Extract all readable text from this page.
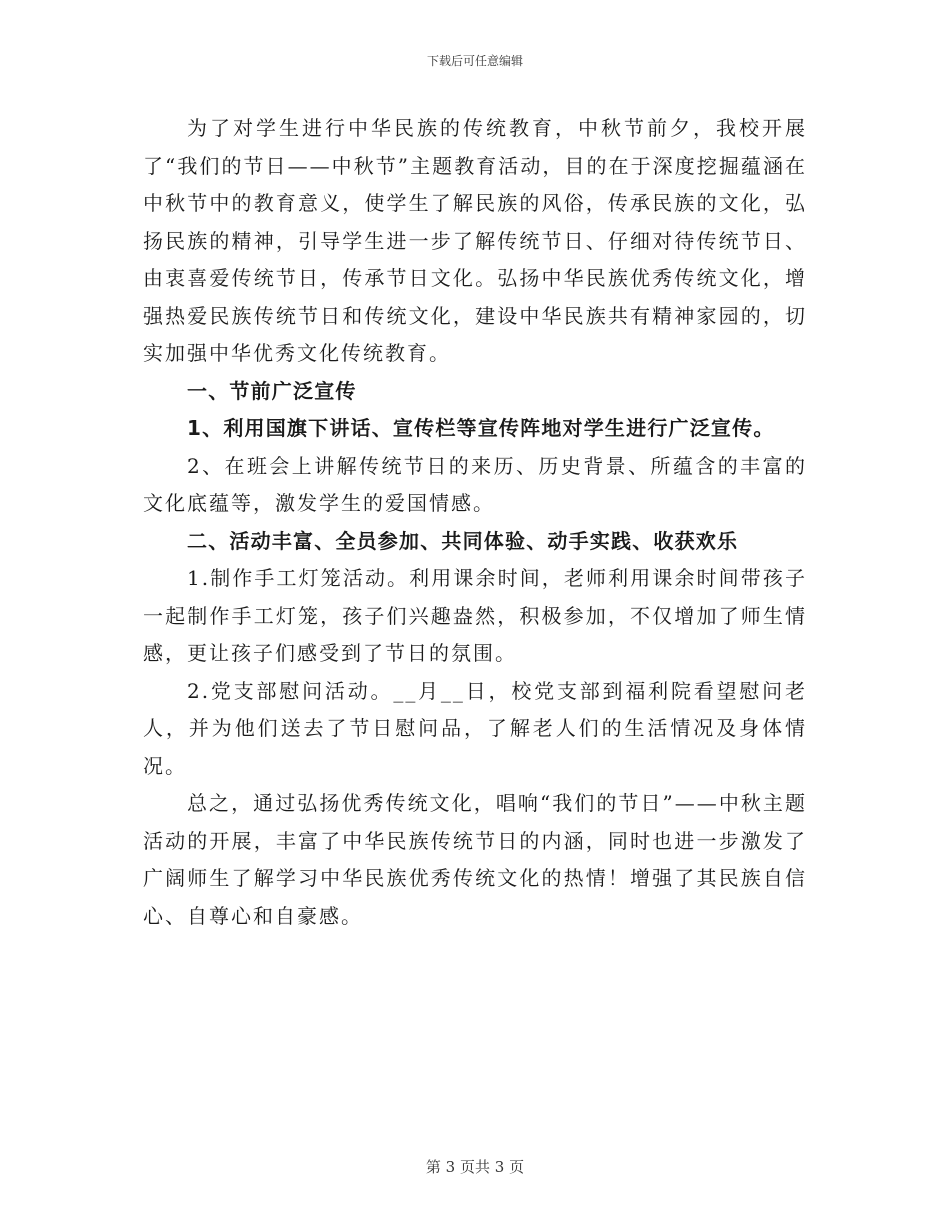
下载后可任意编辑

为了对学生进行中华民族的传统教育，中秋节前夕，我校开展了“我们的节日——中秋节”主题教育活动，目的在于深度挖掘蕴涵在中秋节中的教育意义，使学生了解民族的风俗，传承民族的文化，弘扬民族的精神，引导学生进一步了解传统节日、仔细对待传统节日、由衷喜爱传统节日，传承节日文化。弘扬中华民族优秀传统文化，增强热爱民族传统节日和传统文化，建设中华民族共有精神家园的，切实加强中华优秀文化传统教育。

一、节前广泛宣传

1、利用国旗下讲话、宣传栏等宣传阵地对学生进行广泛宣传。

2、在班会上讲解传统节日的来历、历史背景、所蕴含的丰富的文化底蕴等，激发学生的爱国情感。

二、活动丰富、全员参加、共同体验、动手实践、收获欢乐

1.制作手工灯笼活动。利用课余时间，老师利用课余时间带孩子一起制作手工灯笼，孩子们兴趣盎然，积极参加，不仅增加了师生情感，更让孩子们感受到了节日的氛围。

2.党支部慰问活动。__月__日，校党支部到福利院看望慰问老人，并为他们送去了节日慰问品，了解老人们的生活情况及身体情况。

总之，通过弘扬优秀传统文化，唱响“我们的节日”——中秋主题活动的开展，丰富了中华民族传统节日的内涵，同时也进一步激发了广阔师生了解学习中华民族优秀传统文化的热情！增强了其民族自信心、自尊心和自豪感。

第 3 页共 3 页
